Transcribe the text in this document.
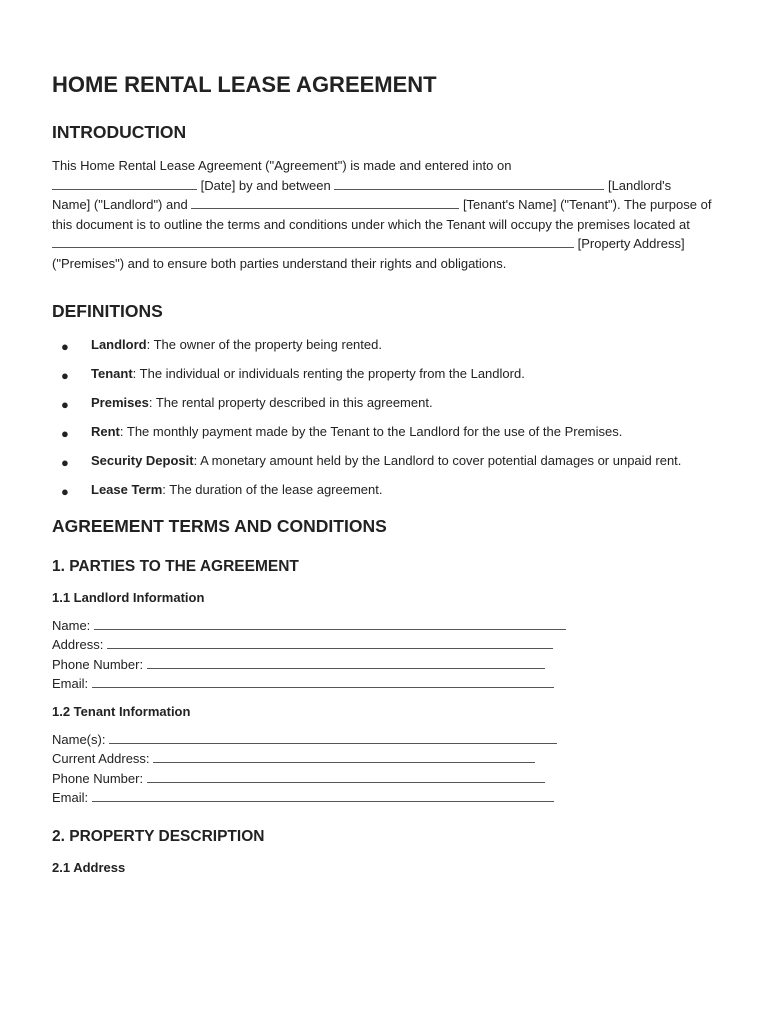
HOME RENTAL LEASE AGREEMENT
INTRODUCTION

This Home Rental Lease Agreement ("Agreement") is made and entered into on
[Date] by and between	[Landlord's Name] ("Landlord") and	[Tenant's Name] ("Tenant"). The purpose of this document is to outline the terms and conditions under which the Tenant will occupy the premises located at
[Property Address]
("Premises") and to ensure both parties understand their rights and obligations.

DEFINITIONS
● Landlord: The owner of the property being rented.
● Tenant: The individual or individuals renting the property from the Landlord.
● Premises: The rental property described in this agreement.
● Rent: The monthly payment made by the Tenant to the Landlord for the use of the Premises.
● Security Deposit: A monetary amount held by the Landlord to cover potential damages or unpaid rent.
● Lease Term: The duration of the lease agreement.
AGREEMENT TERMS AND CONDITIONS
1. PARTIES TO THE AGREEMENT
1.1 Landlord Information
Name:
Address:
Phone Number:
Email:
1.2 Tenant Information
Name(s):
Current Address:
Phone Number:
Email:
2. PROPERTY DESCRIPTION
2.1 Address
